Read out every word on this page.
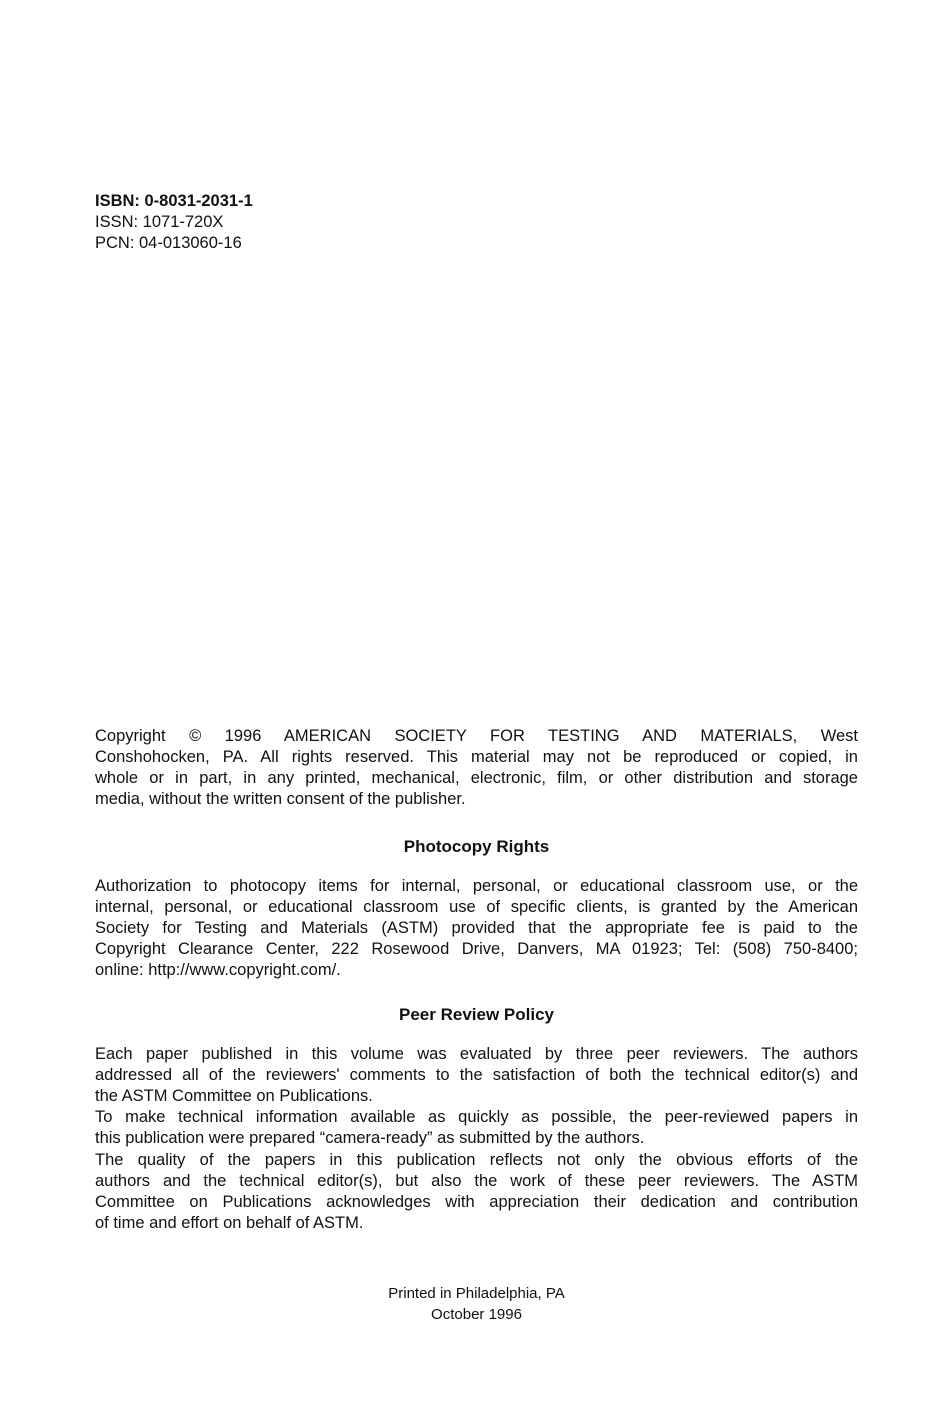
ISBN: 0-8031-2031-1
ISSN: 1071-720X
PCN: 04-013060-16
Copyright © 1996 AMERICAN SOCIETY FOR TESTING AND MATERIALS, West
Conshohocken, PA. All rights reserved. This material may not be reproduced or copied, in
whole or in part, in any printed, mechanical, electronic, film, or other distribution and storage
media, without the written consent of the publisher.
Photocopy Rights
Authorization to photocopy items for internal, personal, or educational classroom use, or the
internal, personal, or educational classroom use of specific clients, is granted by the American
Society for Testing and Materials (ASTM) provided that the appropriate fee is paid to the
Copyright Clearance Center, 222 Rosewood Drive, Danvers, MA 01923; Tel: (508) 750-8400;
online: http://www.copyright.com/.
Peer Review Policy
Each paper published in this volume was evaluated by three peer reviewers. The authors
addressed all of the reviewers' comments to the satisfaction of both the technical editor(s) and
the ASTM Committee on Publications.
To make technical information available as quickly as possible, the peer-reviewed papers in
this publication were prepared “camera-ready” as submitted by the authors.
The quality of the papers in this publication reflects not only the obvious efforts of the
authors and the technical editor(s), but also the work of these peer reviewers. The ASTM
Committee on Publications acknowledges with appreciation their dedication and contribution
of time and effort on behalf of ASTM.
Printed in Philadelphia, PA
October 1996
